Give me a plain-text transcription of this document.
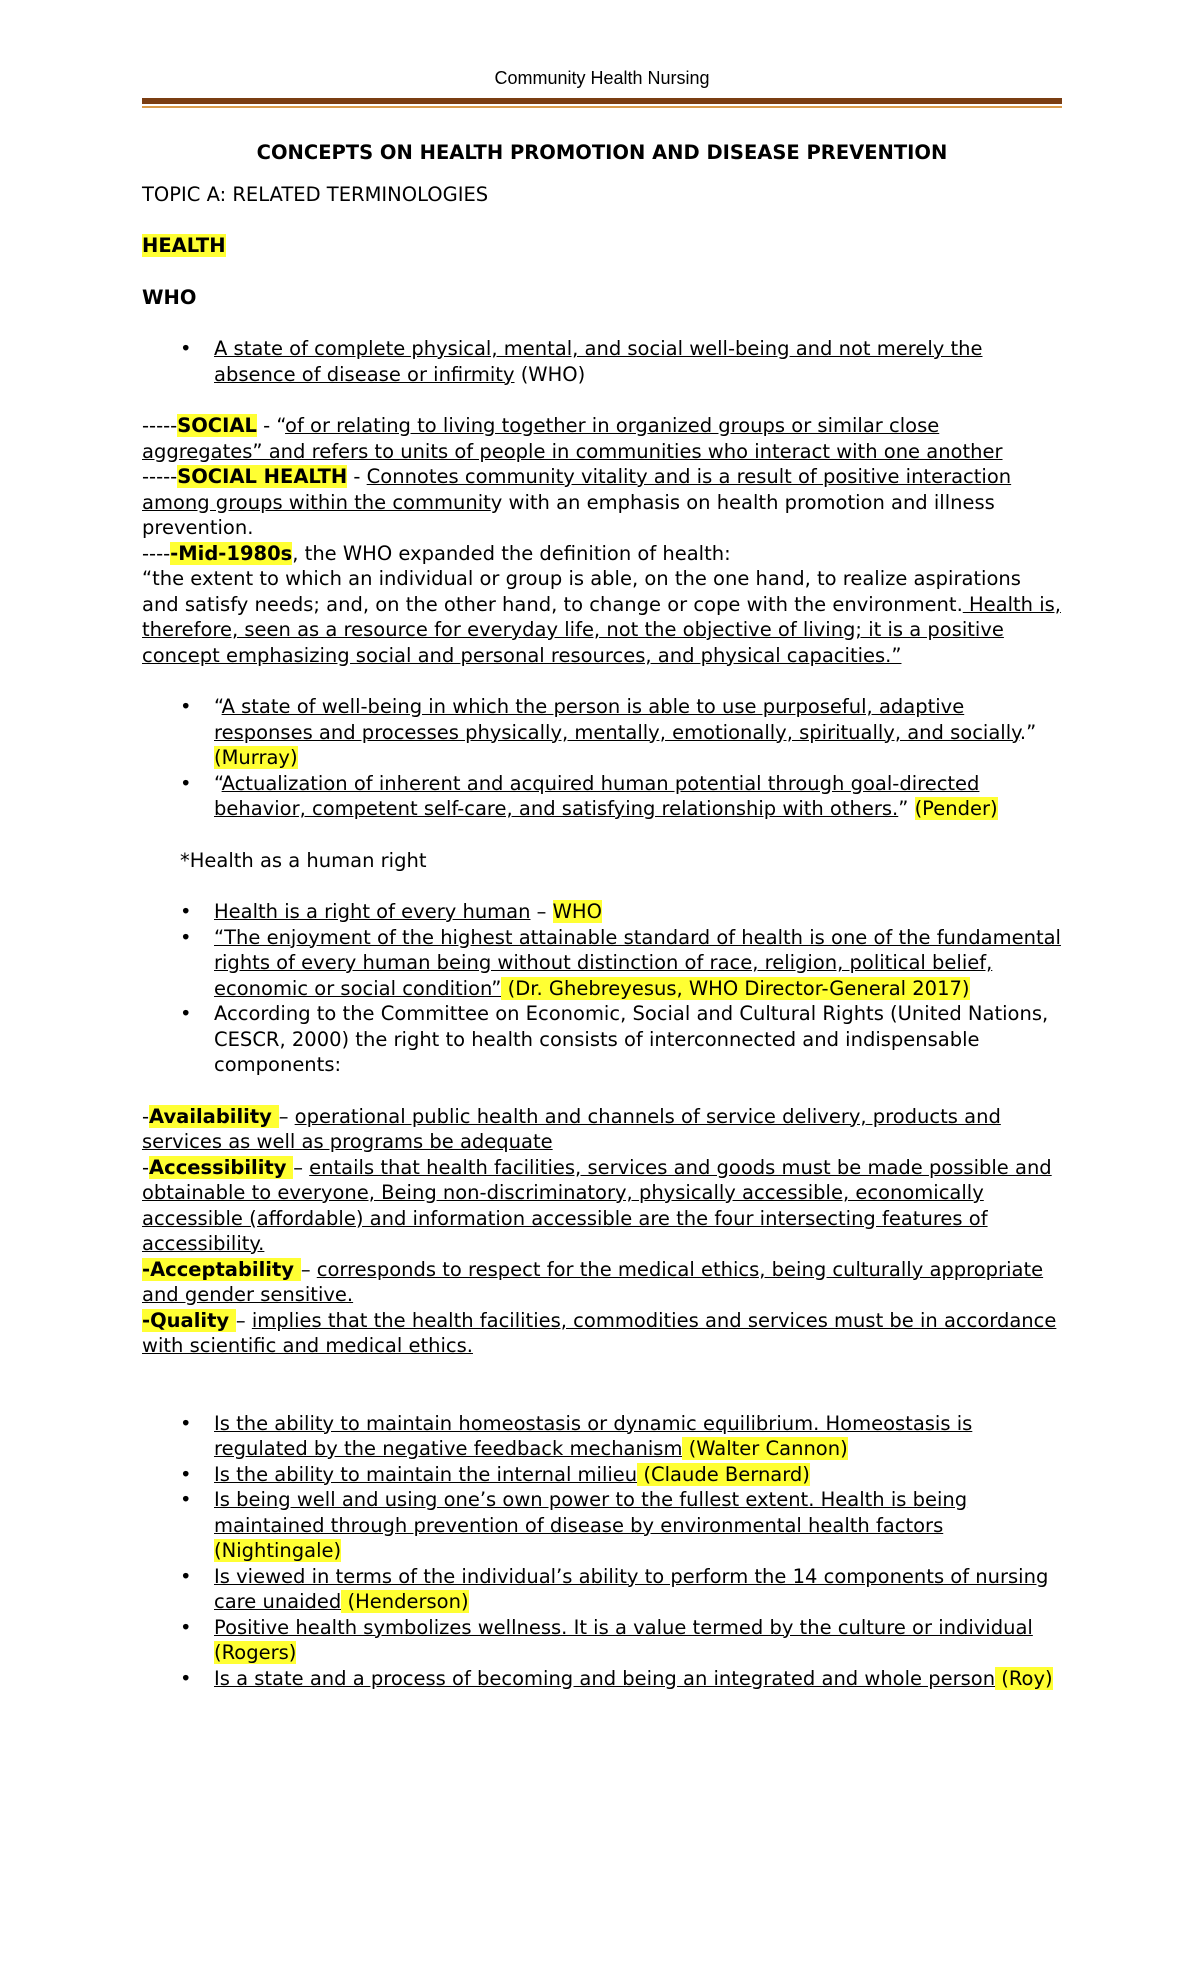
Community Health Nursing

CONCEPTS ON HEALTH PROMOTION AND DISEASE PREVENTION

TOPIC A: RELATED TERMINOLOGIES

HEALTH

WHO

• A state of complete physical, mental, and social well-being and not merely the absence of disease or infirmity (WHO)

-----SOCIAL - “of or relating to living together in organized groups or similar close aggregates” and refers to units of people in communities who interact with one another

-----SOCIAL HEALTH - Connotes community vitality and is a result of positive interaction among groups within the community with an emphasis on health promotion and illness prevention.

-----Mid-1980s, the WHO expanded the definition of health:

“the extent to which an individual or group is able, on the one hand, to realize aspirations and satisfy needs; and, on the other hand, to change or cope with the environment. Health is, therefore, seen as a resource for everyday life, not the objective of living; it is a positive concept emphasizing social and personal resources, and physical capacities.”

• “A state of well-being in which the person is able to use purposeful, adaptive responses and processes physically, mentally, emotionally, spiritually, and socially.” (Murray)
• “Actualization of inherent and acquired human potential through goal-directed behavior, competent self-care, and satisfying relationship with others.” (Pender)

*Health as a human right

• Health is a right of every human – WHO
• “The enjoyment of the highest attainable standard of health is one of the fundamental rights of every human being without distinction of race, religion, political belief, economic or social condition” (Dr. Ghebreyesus, WHO Director-General 2017)
• According to the Committee on Economic, Social and Cultural Rights (United Nations, CESCR, 2000) the right to health consists of interconnected and indispensable components:

-Availability – operational public health and channels of service delivery, products and services as well as programs be adequate

-Accessibility – entails that health facilities, services and goods must be made possible and obtainable to everyone, Being non-discriminatory, physically accessible, economically accessible (affordable) and information accessible are the four intersecting features of accessibility.

-Acceptability – corresponds to respect for the medical ethics, being culturally appropriate and gender sensitive.

-Quality – implies that the health facilities, commodities and services must be in accordance with scientific and medical ethics.

• Is the ability to maintain homeostasis or dynamic equilibrium. Homeostasis is regulated by the negative feedback mechanism (Walter Cannon)
• Is the ability to maintain the internal milieu (Claude Bernard)
• Is being well and using one’s own power to the fullest extent. Health is being maintained through prevention of disease by environmental health factors (Nightingale)
• Is viewed in terms of the individual’s ability to perform the 14 components of nursing care unaided (Henderson)
• Positive health symbolizes wellness. It is a value termed by the culture or individual (Rogers)
• Is a state and a process of becoming and being an integrated and whole person (Roy)
